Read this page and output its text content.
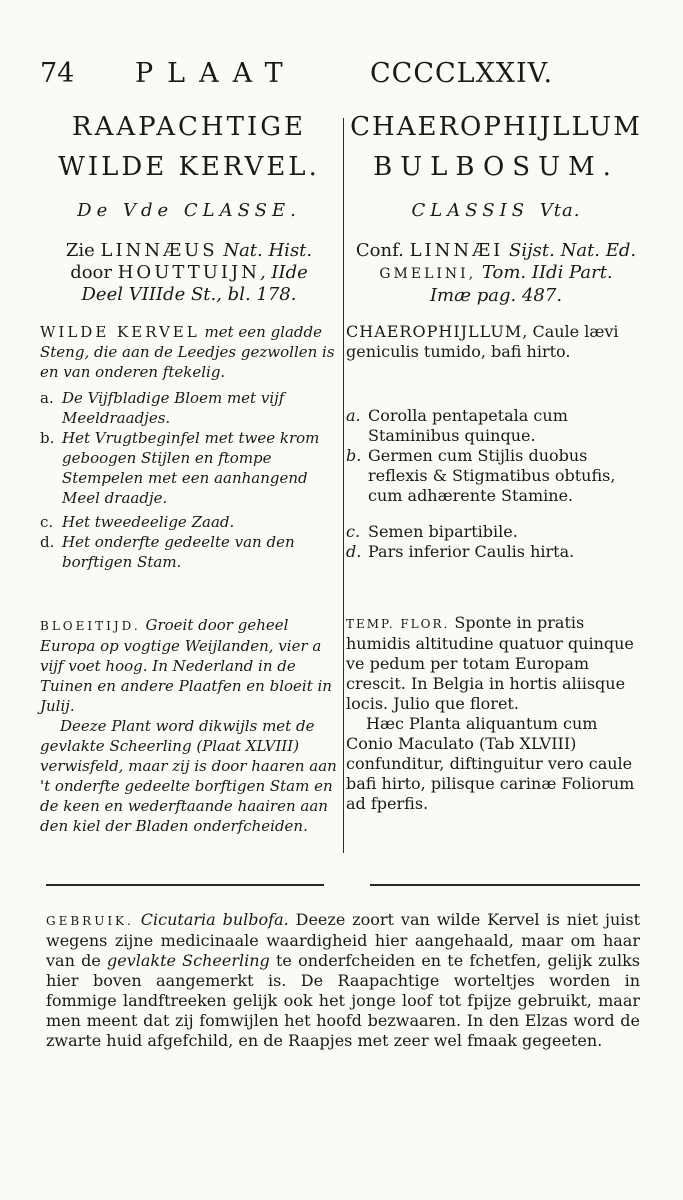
74 PLAAT	CCCCLXXIV.
RAAPACHTIGE
WILDE KERVEL.
De Vde CLASSE.
Zie LINNÆUS Nat. Hist.
door HOUTTUIJN, IIde
Deel VIIIde St., bl. 178.
WILDE KERVEL met een gladde Steng, die aan de Leedjes gezwollen is en van onderen ftekelig.
a. De Vijfbladige Bloem met vijf Meeldraadjes.
b. Het Vrugtbeginfel met twee krom geboogen Stijlen en ftompe Stempelen met een aanhangend Meel draadje.
c. Het tweedeelige Zaad.
d. Het onderfte gedeelte van den borftigen Stam.

BLOEITIJD. Groeit door geheel Europa op vogtige Weijlanden, vier a vijf voet hoog. In Nederland in de Tuinen en andere Plaatfen en bloeit in Julij.

Deeze Plant word dikwijls met de gevlakte Scheerling (Plaat XLVIII) verwisfeld, maar zij is door haaren aan 't onderfte gedeelte borftigen Stam en de keen en wederftaande haairen aan den kiel der Bladen onderfcheiden.

CHAEROPHIJLLUM
BULBOSUM.
CLASSIS Vta.
Conf. LINNÆI Sijst. Nat. Ed.
GMELINI, Tom. IIdi Part.
Imæ pag. 487.
CHAEROPHIJLLUM, Caule lævi geniculis tumido, bafi hirto.
a. Corolla pentapetala cum Staminibus quinque.
b. Germen cum Stijlis duobus reflexis & Stigmatibus obtufis, cum adhærente Stamine.
c. Semen bipartibile.
d. Pars inferior Caulis hirta.

TEMP. FLOR. Sponte in pratis humidis altitudine quatuor quinque ve pedum per totam Europam crescit. In Belgia in hortis aliisque locis. Julio que floret.

Hæc Planta aliquantum cum Conio Maculato (Tab XLVIII) confunditur, diftinguitur vero caule bafi hirto, pilisque carinæ Foliorum ad fperfis.

GEBRUIK. Cicutaria bulbofa. Deeze zoort van wilde Kervel is niet juist wegens zijne medicinaale waardigheid hier aangehaald, maar om haar van de gevlakte Scheerling te onderfcheiden en te fchetfen, gelijk zulks hier boven aangemerkt is. De Raapachtige worteltjes worden in fommige landftreeken gelijk ook het jonge loof tot fpijze gebruikt, maar men meent dat zij fomwijlen het hoofd bezwaaren. In den Elzas word de zwarte huid afgefchild, en de Raapjes met zeer wel fmaak gegeeten.
